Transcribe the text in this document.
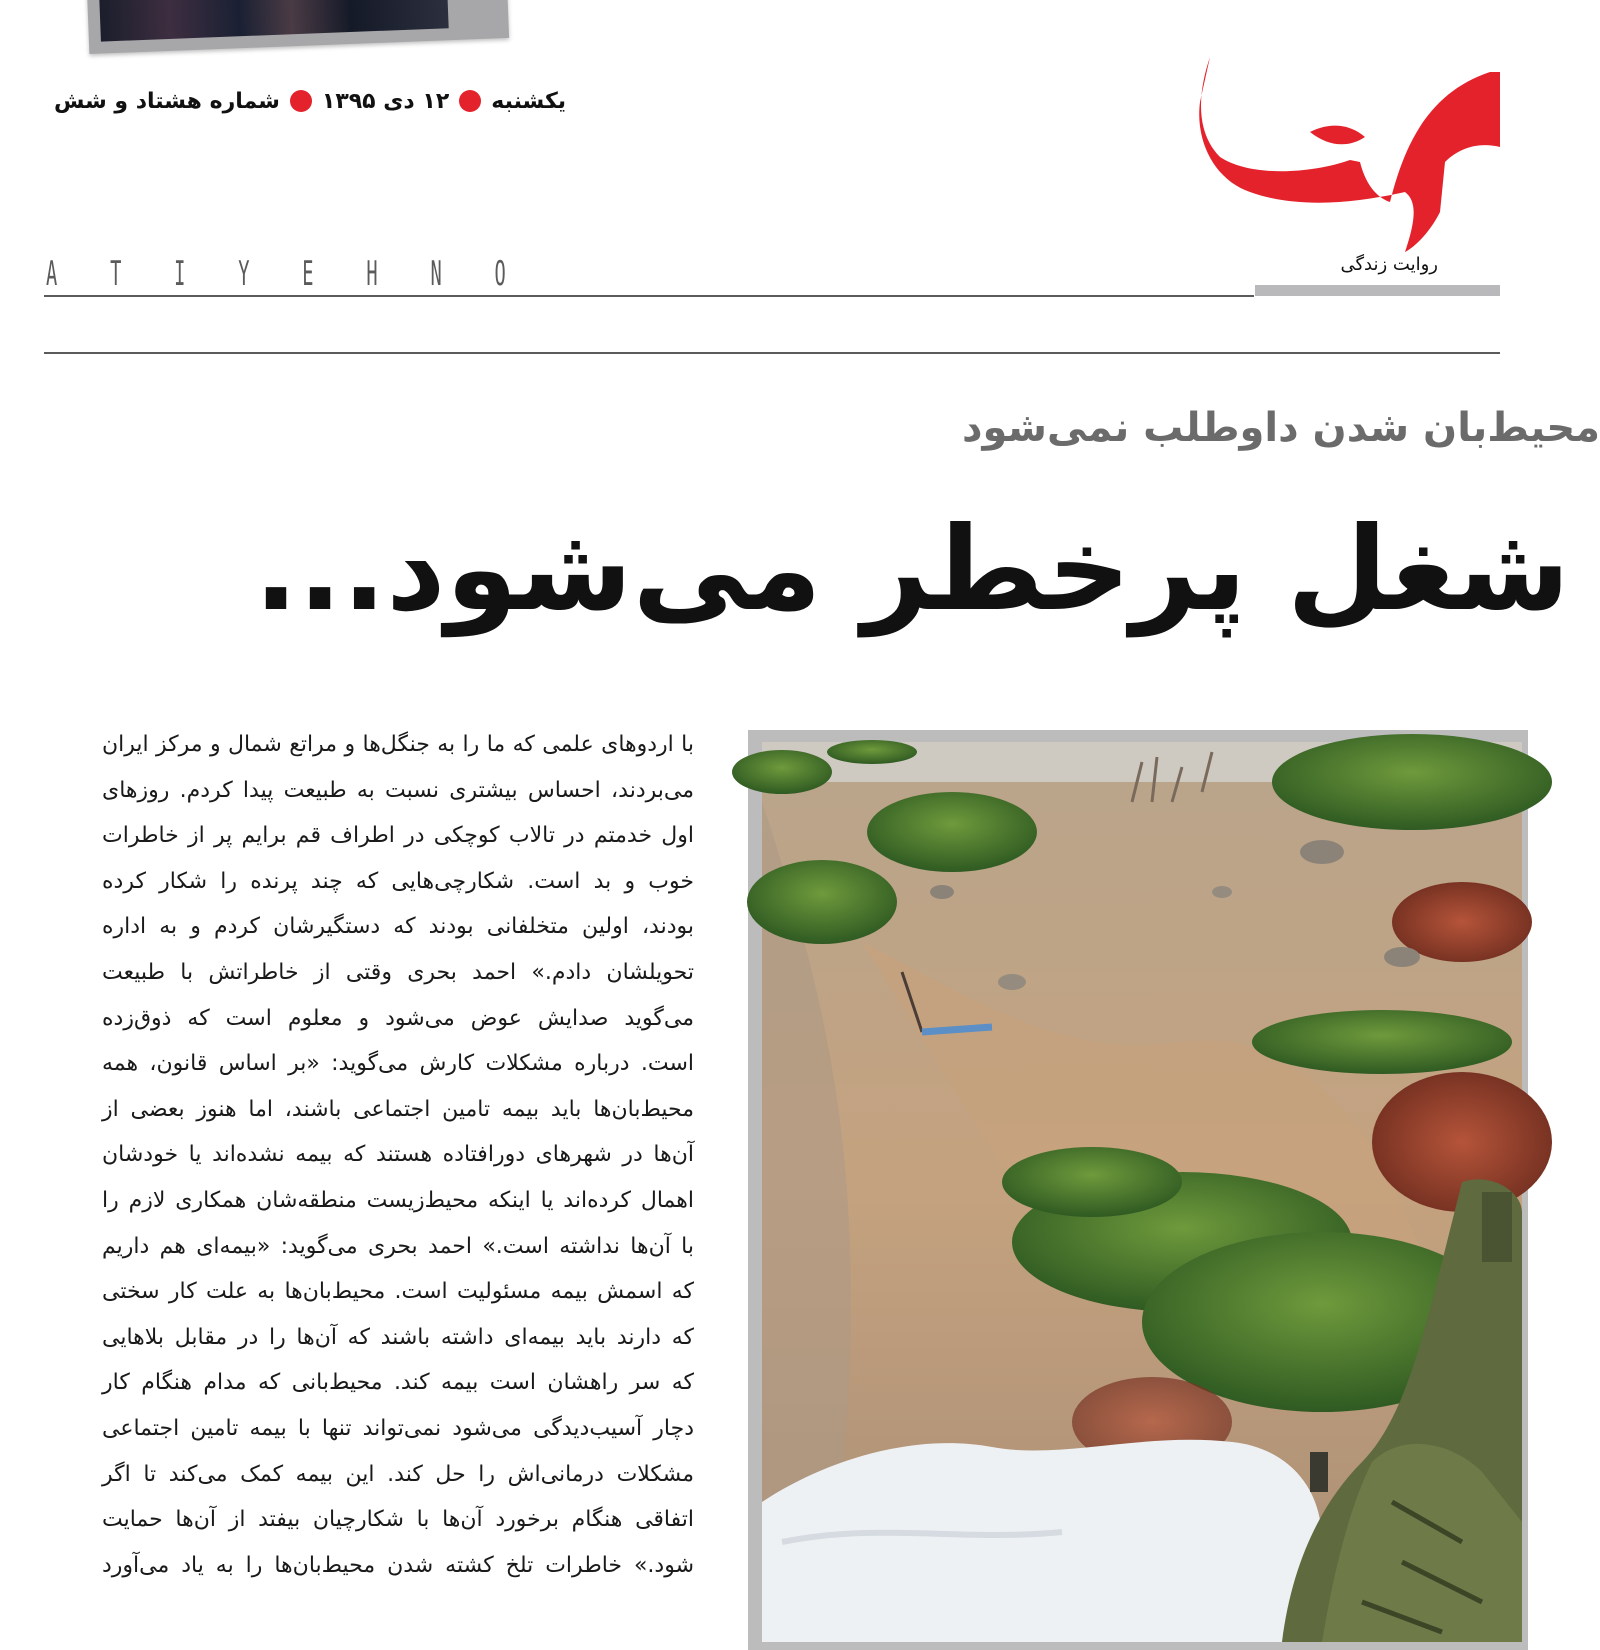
یکشنبه
۱۲ دی ۱۳۹۵
شماره هشتاد و شش
روایت زندگی
A T I Y E H N O
محیط‌بان شدن داوطلب نمی‌شود
شغل پرخطر می‌شود...
با اردوهای علمی که ما را به جنگل‌ها و مراتع شمال و مرکز ایران
می‌بردند، احساس بیشتری نسبت به طبیعت پیدا کردم. روزهای
اول خدمتم در تالاب کوچکی در اطراف قم برایم پر از خاطرات
خوب و بد است. شکارچی‌هایی که چند پرنده را شکار کرده
بودند، اولین متخلفانی بودند که دستگیرشان کردم و به اداره
تحویلشان دادم.» احمد بحری وقتی از خاطراتش با طبیعت
می‌گوید صدایش عوض می‌شود و معلوم است که ذوق‌زده
است. درباره مشکلات کارش می‌گوید: «بر اساس قانون، همه
محیط‌بان‌ها باید بیمه تامین اجتماعی باشند، اما هنوز بعضی از
آن‌ها در شهرهای دورافتاده هستند که بیمه نشده‌اند یا خودشان
اهمال کرده‌اند یا اینکه محیط‌زیست منطقه‌شان همکاری لازم را
با آن‌ها نداشته است.» احمد بحری می‌گوید: «بیمه‌ای هم داریم
که اسمش بیمه مسئولیت است. محیط‌بان‌ها به علت کار سختی
که دارند باید بیمه‌ای داشته باشند که آن‌ها را در مقابل بلاهایی
که سر راهشان است بیمه کند. محیط‌بانی که مدام هنگام کار
دچار آسیب‌دیدگی می‌شود نمی‌تواند تنها با بیمه تامین اجتماعی
مشکلات درمانی‌اش را حل کند. این بیمه کمک می‌کند تا اگر
اتفاقی هنگام برخورد آن‌ها با شکارچیان بیفتد از آن‌ها حمایت
شود.» خاطرات تلخ کشته شدن محیط‌بان‌ها را به یاد می‌آورد
